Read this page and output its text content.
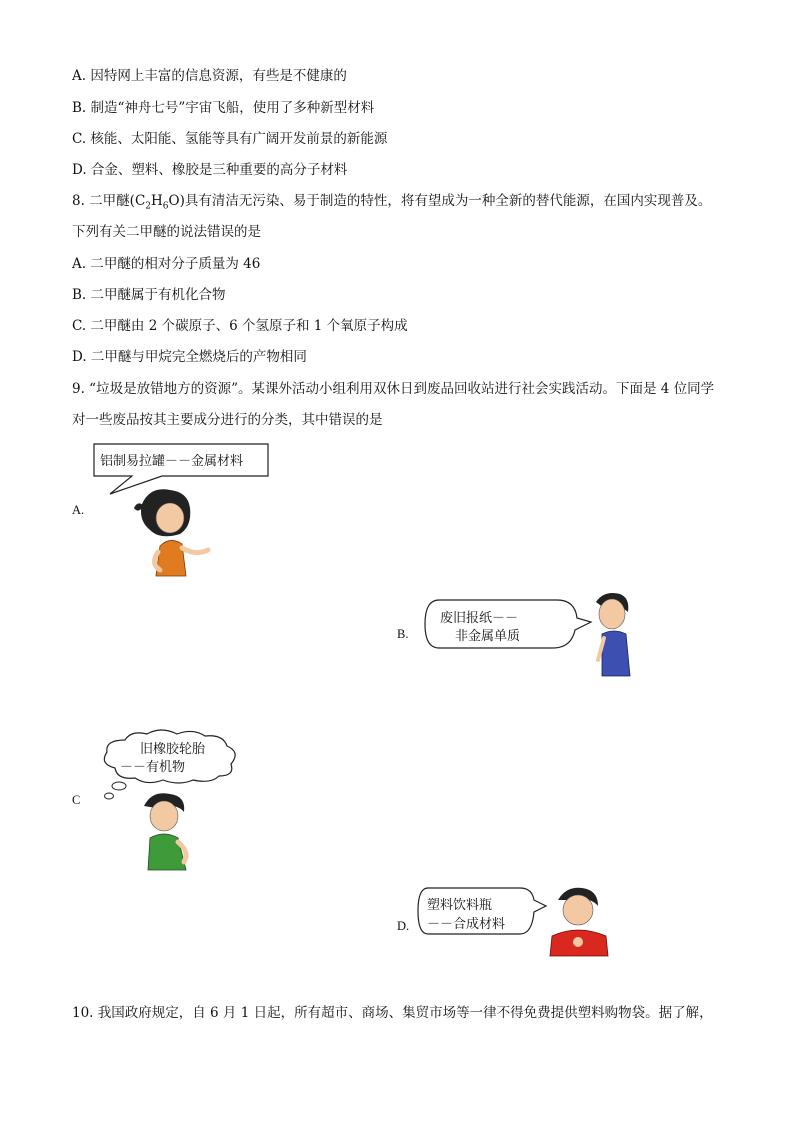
A. 因特网上丰富的信息资源，有些是不健康的
B. 制造“神舟七号”宇宙飞船，使用了多种新型材料
C. 核能、太阳能、氢能等具有广阔开发前景的新能源
D. 合金、塑料、橡胶是三种重要的高分子材料
8. 二甲醚$(C_2H_6O)$具有清洁无污染、易于制造的特性，将有望成为一种全新的替代能源，在国内实现普及。
下列有关二甲醚的说法错误的是
A. 二甲醚的相对分子质量为 46
B. 二甲醚属于有机化合物
C. 二甲醚由 2 个碳原子、6 个氢原子和 1 个氧原子构成
D. 二甲醚与甲烷完全燃烧后的产物相同
9. “垃圾是放错地方的资源”。某课外活动小组利用双休日到废品回收站进行社会实践活动。下面是 4 位同学
对一些废品按其主要成分进行的分类，其中错误的是
铝制易拉罐－－金属材料
A.
废旧报纸－－
非金属单质
B.
旧橡胶轮胎
－－有机物
C
塑料饮料瓶
－－合成材料
D.
10. 我国政府规定，自 6 月 1 日起，所有超市、商场、集贸市场等一律不得免费提供塑料购物袋。据了解，
